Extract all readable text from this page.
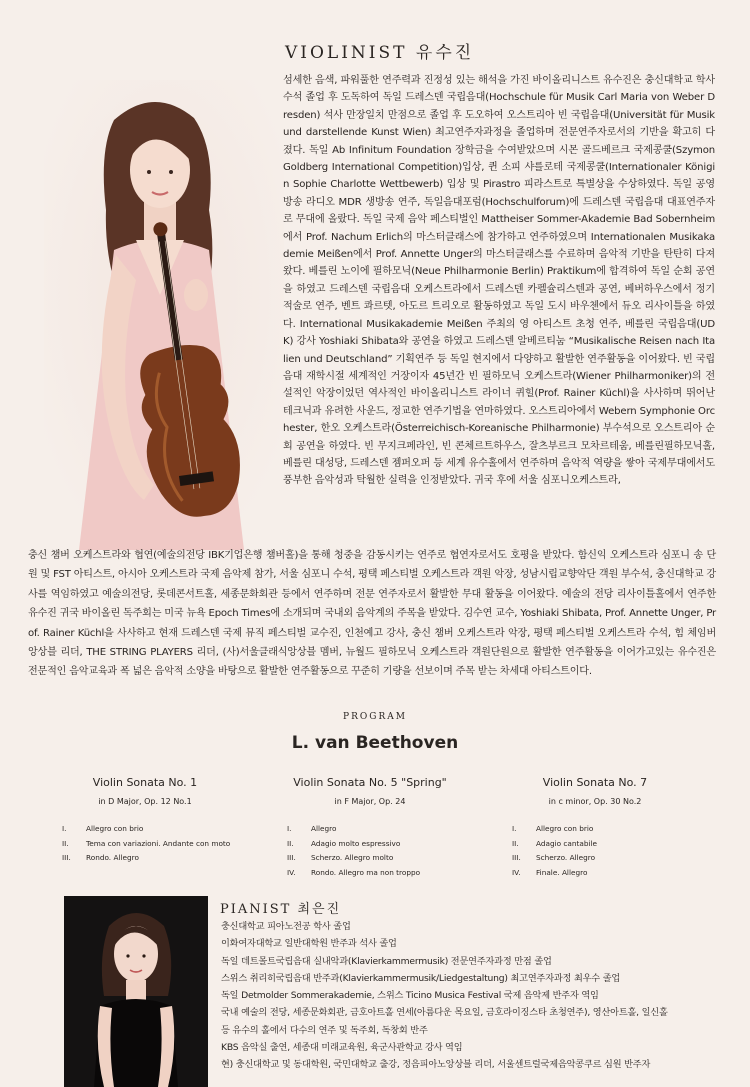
VIOLINIST 유수진

섬세한 음색, 파워풀한 연주력과 진정성 있는 해석을 가진 바이올리니스트 유수진은 충신대학교 학사 수석 졸업 후 도독하여 독일 드레스덴 국립음대(Hochschule für Musik Carl Maria von Weber Dresden) 석사 만장일치 만점으로 졸업 후 도오하여 오스트리아 빈 국립음대(Universität für Musik und darstellende Kunst Wien) 최고연주자과정을 졸업하며 전문연주자로서의 기반을 확고히 다졌다. 독일 Ab Infinitum Foundation 장학금을 수여받았으며 시몬 골드베르크 국제콩쿨(Szymon Goldberg International Competition)입상, 퀸 소피 샤를로테 국제콩쿨(Internationaler Königin Sophie Charlotte Wettbewerb) 입상 및 Pirastro 피라스트로 특별상을 수상하였다. 독일 공영 방송 라디오 MDR 생방송 연주, 독일음대포럼(Hochschulforum)에 드레스덴 국립음대 대표연주자로 무대에 올랐다. 독일 국제 음악 페스티벌인 Mattheiser Sommer-Akademie Bad Sobernheim에서 Prof. Nachum Erlich의 마스터클래스에 참가하고 연주하였으며 Internationalen Musikakademie Meißen에서 Prof. Annette Unger의 마스터클래스를 수료하며 음악적 기반을 탄탄히 다져왔다. 베를린 노이에 필하모닉(Neue Philharmonie Berlin) Praktikum에 합격하여 독일 순회 공연을 하였고 드레스덴 국립음대 오케스트라에서 드레스덴 카펠슐리스텐과 공연, 베버하우스에서 정기적술로 연주, 벤트 콰르텟, 아도르 트리오로 활동하였고 독일 도시 바우첸에서 듀오 리사이틀을 하였다. International Musikakademie Meißen 주최의 영 아티스트 초청 연주, 베를린 국립음대(UDK) 강사 Yoshiaki Shibata와 공연을 하였고 드레스덴 알베르티눔 “Musikalische Reisen nach Italien und Deutschland” 기획연주 등 독일 현지에서 다양하고 활발한 연주활동을 이어왔다. 빈 국립음대 재학시절 세계적인 거장이자 45년간 빈 필하모닉 오케스트라(Wiener Philharmoniker)의 전설적인 악장이었던 역사적인 바이올리니스트 라이너 퀴힐(Prof. Rainer Küchl)을 사사하며 뛰어난 테크닉과 유려한 사운드, 정교한 연주기법을 연마하였다. 오스트리아에서 Webern Symphonie Orchester, 한오 오케스트라(Österreichisch-Koreanische Philharmonie) 부수석으로 오스트리아 순회 공연을 하였다. 빈 무지크페라인, 빈 콘체르트하우스, 잘츠부르크 모차르테움, 베를린필하모닉홀, 베를린 대성당, 드레스덴 젬퍼오퍼 등 세계 유수홀에서 연주하며 음악적 역량을 쌓아 국제무대에서도 풍부한 음악성과 탁월한 실력을 인정받았다. 귀국 후에 서울 심포니오케스트라,

충신 챔버 오케스트라와 협연(예술의전당 IBK기업은행 챔버홀)을 통해 청중을 감동시키는 연주로 협연자로서도 호평을 받았다. 함신익 오케스트라 심포니 송 단원 및 FST 아티스트, 아시아 오케스트라 국제 음악제 참가, 서울 심포니 수석, 평택 페스티벌 오케스트라 객원 악장, 성남시립교향악단 객원 부수석, 충신대학교 강사를 역임하였고 예술의전당, 롯데콘서트홀, 세종문화회관 등에서 연주하며 전문 연주자로서 활발한 무대 활동을 이어왔다. 예술의 전당 리사이틀홀에서 연주한 유수진 귀국 바이올린 독주회는 미국 뉴욕 Epoch Times에 소개되며 국내외 음악계의 주목을 받았다. 김수연 교수, Yoshiaki Shibata, Prof. Annette Unger, Prof. Rainer Küchl을 사사하고 현재 드레스덴 국제 뮤직 페스티벌 교수진, 인천예고 강사, 충신 챔버 오케스트라 악장, 평택 페스티벌 오케스트라 수석, 힘 체임버 앙상블 리더, THE STRING PLAYERS 리더, (사)서울클래식앙상블 멤버, 뉴월드 필하모닉 오케스트라 객원단원으로 활발한 연주활동을 이어가고있는 유수진은 전문적인 음악교육과 폭 넓은 음악적 소양을 바탕으로 활발한 연주활동으로 꾸준히 기량을 선보이며 주목 받는 차세대 아티스트이다.

PROGRAM
L. van Beethoven
Violin Sonata No. 1
in D Major, Op. 12 No.1
I.	Allegro con brio
II.	Tema con variazioni. Andante con moto
III.	Rondo. Allegro
Violin Sonata No. 5 "Spring"
in F Major, Op. 24
I.	Allegro
II.	Adagio molto espressivo
III.	Scherzo. Allegro molto
IV.	Rondo. Allegro ma non troppo
Violin Sonata No. 7
in c minor, Op. 30 No.2
I.	Allegro con brio
II.	Adagio cantabile
III.	Scherzo. Allegro
IV.	Finale. Allegro
PIANIST 최은진
충신대학교 피아노전공 학사 졸업
이화여자대학교 일반대학원 반주과 석사 졸업
독일 데트몰트국립음대 실내악과(Klavierkammermusik) 전문연주자과정 만점 졸업
스위스 취리히국립음대 반주과(Klavierkammermusik/Liedgestaltung) 최고연주자과정 최우수 졸업
독일 Detmolder Sommerakademie, 스위스 Ticino Musica Festival 국제 음악제 반주자 역임
국내 예술의 전당, 세종문화회관, 금호아트홀 연세(아름다운 목요일, 금호라이징스타 초청연주), 영산아트홀, 일신홀
등 유수의 홀에서 다수의 연주 및 독주회, 독창회 반주
KBS 음악실 출연, 세종대 미래교육원, 육군사관학교 강사 역임
현) 충신대학교 및 동대학원, 국민대학교 출강, 정음피아노앙상블 리더, 서울센트럴국제음악콩쿠르 심원 반주자
